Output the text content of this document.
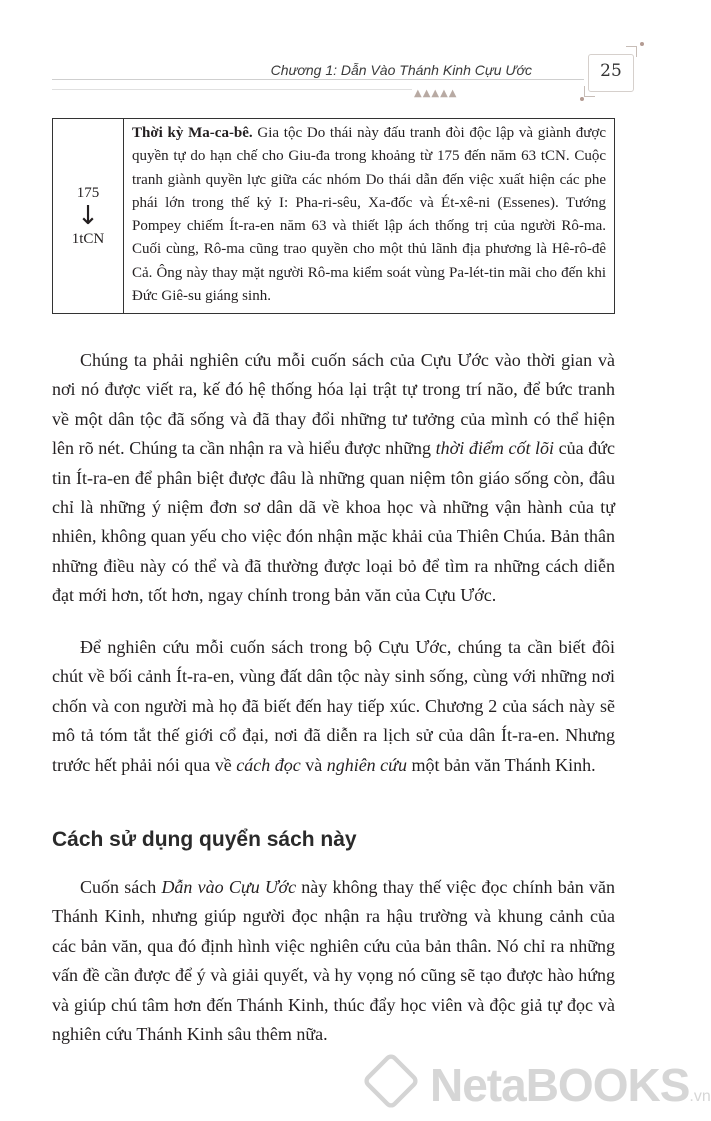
Chương 1: Dẫn Vào Thánh Kinh Cựu Ước
▲▲▲▲▲
25
175
↓
1tCN	Thời kỳ Ma-ca-bê. Gia tộc Do thái này đấu tranh đòi độc lập và giành được quyền tự do hạn chế cho Giu-đa trong khoảng từ 175 đến năm 63 tCN. Cuộc tranh giành quyền lực giữa các nhóm Do thái dẫn đến việc xuất hiện các phe phái lớn trong thế kỷ I: Pha-ri-sêu, Xa-đốc và Ét-xê-ni (Essenes). Tướng Pompey chiếm Ít-ra-en năm 63 và thiết lập ách thống trị của người Rô-ma. Cuối cùng, Rô-ma cũng trao quyền cho một thủ lãnh địa phương là Hê-rô-đê Cả. Ông này thay mặt người Rô-ma kiểm soát vùng Pa-lét-tin mãi cho đến khi Đức Giê-su giáng sinh.

Chúng ta phải nghiên cứu mỗi cuốn sách của Cựu Ước vào thời gian và nơi nó được viết ra, kế đó hệ thống hóa lại trật tự trong trí não, để bức tranh về một dân tộc đã sống và đã thay đổi những tư tưởng của mình có thể hiện lên rõ nét. Chúng ta cần nhận ra và hiểu được những thời điểm cốt lõi của đức tin Ít-ra-en để phân biệt được đâu là những quan niệm tôn giáo sống còn, đâu chỉ là những ý niệm đơn sơ dân dã về khoa học và những vận hành của tự nhiên, không quan yếu cho việc đón nhận mặc khải của Thiên Chúa. Bản thân những điều này có thể và đã thường được loại bỏ để tìm ra những cách diễn đạt mới hơn, tốt hơn, ngay chính trong bản văn của Cựu Ước.

Để nghiên cứu mỗi cuốn sách trong bộ Cựu Ước, chúng ta cần biết đôi chút về bối cảnh Ít-ra-en, vùng đất dân tộc này sinh sống, cùng với những nơi chốn và con người mà họ đã biết đến hay tiếp xúc. Chương 2 của sách này sẽ mô tả tóm tắt thế giới cổ đại, nơi đã diễn ra lịch sử của dân Ít-ra-en. Nhưng trước hết phải nói qua về cách đọc và nghiên cứu một bản văn Thánh Kinh.

Cách sử dụng quyển sách này

Cuốn sách Dẫn vào Cựu Ước này không thay thế việc đọc chính bản văn Thánh Kinh, nhưng giúp người đọc nhận ra hậu trường và khung cảnh của các bản văn, qua đó định hình việc nghiên cứu của bản thân. Nó chỉ ra những vấn đề cần được để ý và giải quyết, và hy vọng nó cũng sẽ tạo được hào hứng và giúp chú tâm hơn đến Thánh Kinh, thúc đẩy học viên và độc giả tự đọc và nghiên cứu Thánh Kinh sâu thêm nữa.

NetaBOOKS.vn
